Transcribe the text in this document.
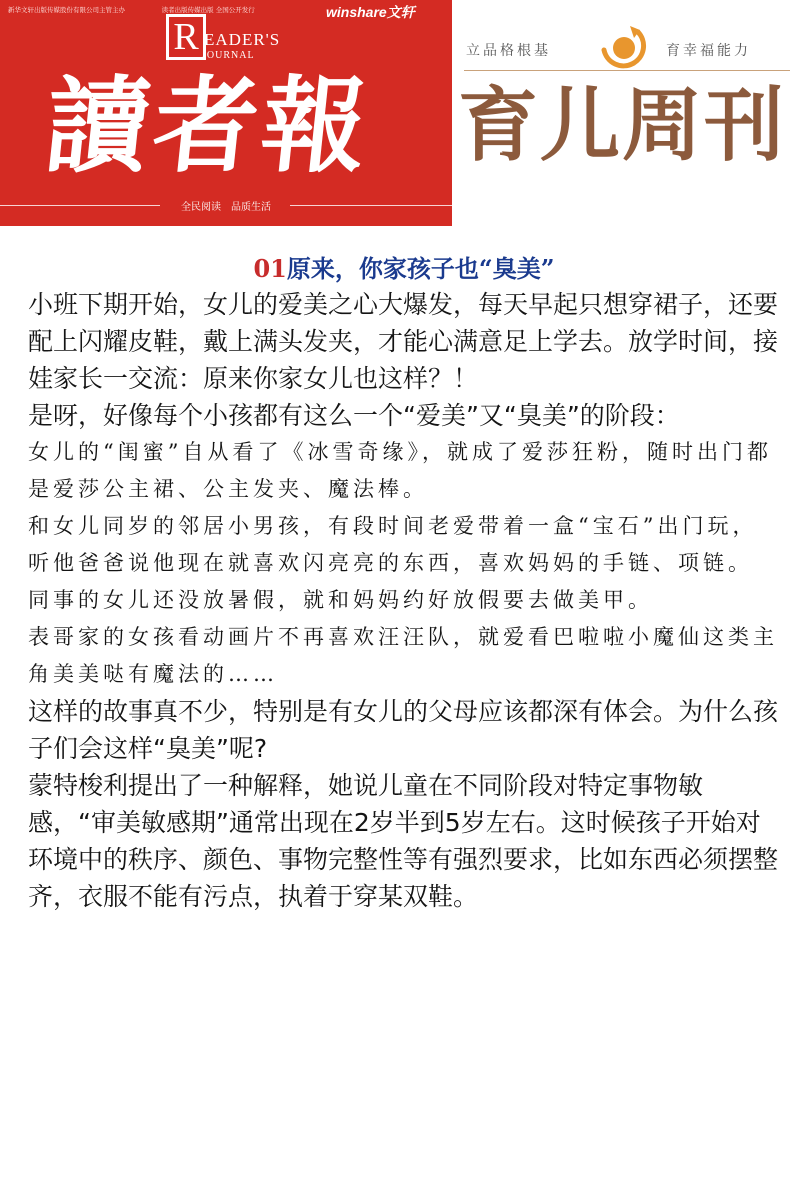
新华文轩出版传媒股份有限公司主管主办 　　　　　 读者出版传媒出版 全国公开发行	winshare文轩
R EADER'S
JOURNAL
讀者報
全民阅读　品质生活
立品格根基	育幸福能力
育儿周刊
01原来，你家孩子也“臭美”

小班下期开始，女儿的爱美之心大爆发，每天早起只想穿裙子，还要配上闪耀皮鞋，戴上满头发夹，才能心满意足上学去。放学时间，接娃家长一交流：原来你家女儿也这样？！

是呀，好像每个小孩都有这么一个“爱美”又“臭美”的阶段：

女儿的“闺蜜”自从看了《冰雪奇缘》，就成了爱莎狂粉，随时出门都是爱莎公主裙、公主发夹、魔法棒。

和女儿同岁的邻居小男孩，有段时间老爱带着一盒“宝石”出门玩，听他爸爸说他现在就喜欢闪亮亮的东西，喜欢妈妈的手链、项链。

同事的女儿还没放暑假，就和妈妈约好放假要去做美甲。

表哥家的女孩看动画片不再喜欢汪汪队，就爱看巴啦啦小魔仙这类主角美美哒有魔法的……

这样的故事真不少，特别是有女儿的父母应该都深有体会。为什么孩子们会这样“臭美”呢?

蒙特梭利提出了一种解释，她说儿童在不同阶段对特定事物敏感，“审美敏感期”通常出现在2岁半到5岁左右。这时候孩子开始对环境中的秩序、颜色、事物完整性等有强烈要求，比如东西必须摆整齐，衣服不能有污点，执着于穿某双鞋。
